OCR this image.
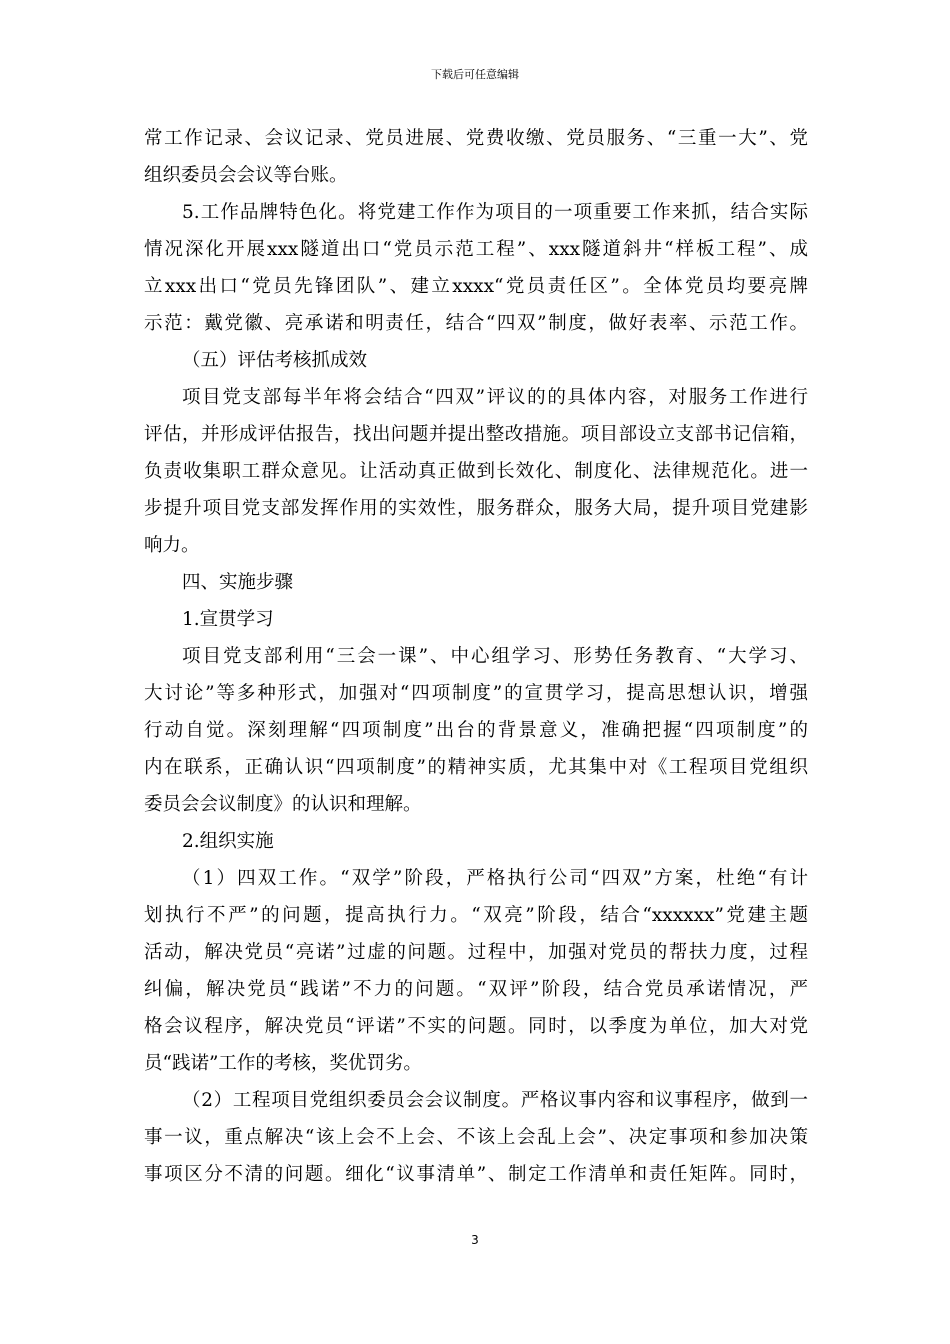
下载后可任意编辑
常工作记录、会议记录、党员进展、党费收缴、党员服务、“三重一大”、党
组织委员会会议等台账。
5.工作品牌特色化。将党建工作作为项目的一项重要工作来抓，结合实际
情况深化开展xxx隧道出口“党员示范工程”、xxx隧道斜井“样板工程”、成
立xxx出口“党员先锋团队”、建立xxxx“党员责任区”。全体党员均要亮牌
示范：戴党徽、亮承诺和明责任，结合“四双”制度，做好表率、示范工作。
（五）评估考核抓成效
项目党支部每半年将会结合“四双”评议的的具体内容，对服务工作进行
评估，并形成评估报告，找出问题并提出整改措施。项目部设立支部书记信箱，
负责收集职工群众意见。让活动真正做到长效化、制度化、法律规范化。进一
步提升项目党支部发挥作用的实效性，服务群众，服务大局，提升项目党建影
响力。
四、实施步骤
1.宣贯学习
项目党支部利用“三会一课”、中心组学习、形势任务教育、“大学习、
大讨论”等多种形式，加强对“四项制度”的宣贯学习，提高思想认识，增强
行动自觉。深刻理解“四项制度”出台的背景意义，准确把握“四项制度”的
内在联系，正确认识“四项制度”的精神实质，尤其集中对《工程项目党组织
委员会会议制度》的认识和理解。
2.组织实施
（1）四双工作。“双学”阶段，严格执行公司“四双”方案，杜绝“有计
划执行不严”的问题，提高执行力。“双亮”阶段，结合“xxxxxx”党建主题
活动，解决党员“亮诺”过虚的问题。过程中，加强对党员的帮扶力度，过程
纠偏，解决党员“践诺”不力的问题。“双评”阶段，结合党员承诺情况，严
格会议程序，解决党员“评诺”不实的问题。同时，以季度为单位，加大对党
员“践诺”工作的考核，奖优罚劣。
（2）工程项目党组织委员会会议制度。严格议事内容和议事程序，做到一
事一议，重点解决“该上会不上会、不该上会乱上会”、决定事项和参加决策
事项区分不清的问题。细化“议事清单”、制定工作清单和责任矩阵。同时，
3
